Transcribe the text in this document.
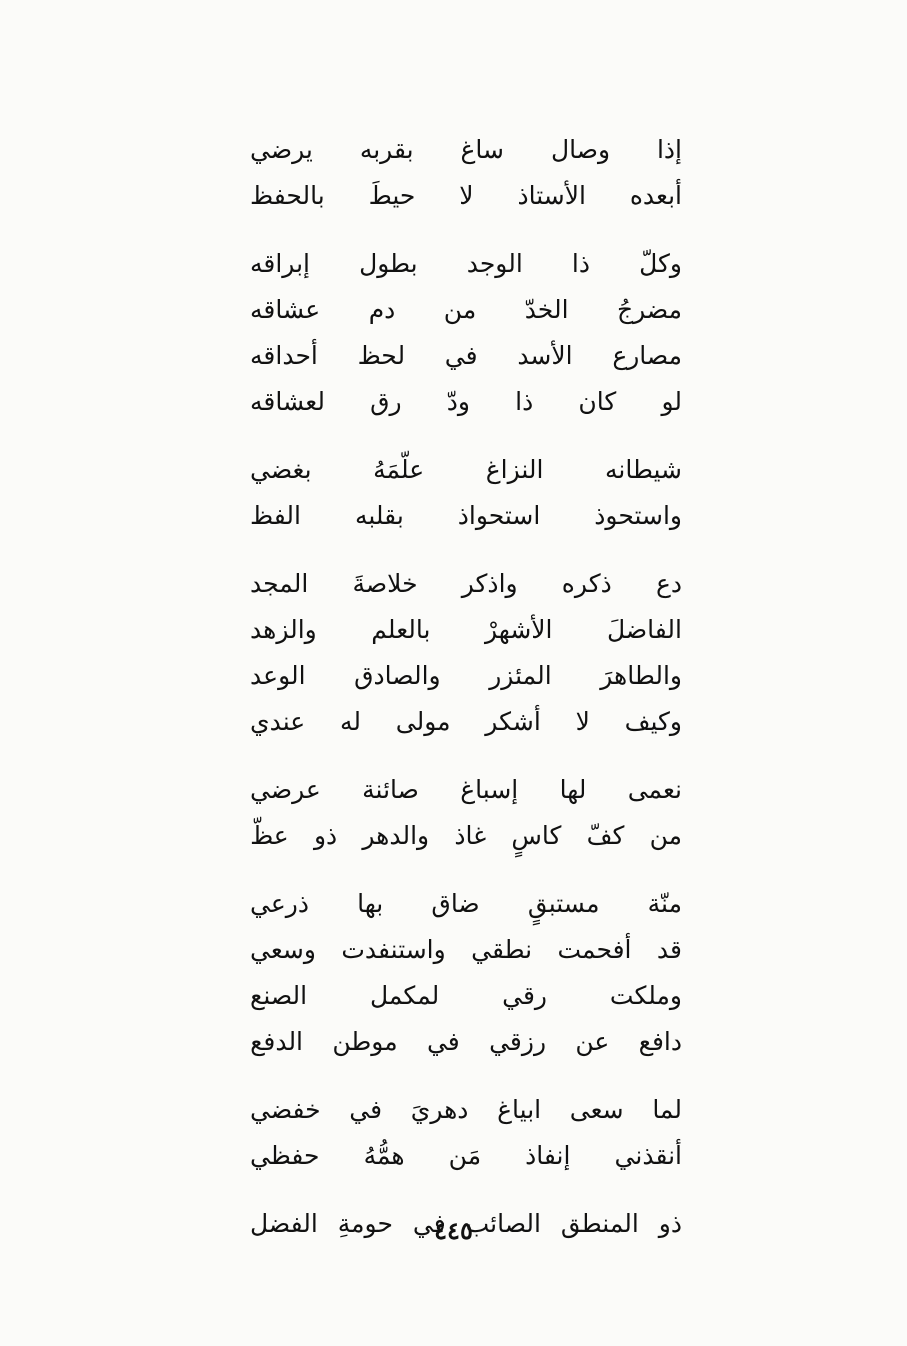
إذا
وصال
ساغ
بقربه
يرضي
أبعده
الأستاذ
لا
حيطَ
بالحفظ
وكلّ
ذا
الوجد
بطول
إبراقه
مضرجُ
الخدّ
من
دم
عشاقه
مصارع
الأسد
في
لحظ
أحداقه
لو
كان
ذا
ودّ
رق
لعشاقه
شيطانه
النزاغ
علّمَهُ
بغضي
واستحوذ
استحواذ
بقلبه
الفظ
دع
ذكره
واذكر
خلاصةَ
المجد
الفاضلَ
الأشهرْ
بالعلم
والزهد
والطاهرَ
المئزر
والصادق
الوعد
وكيف
لا
أشكر
مولى
له
عندي
نعمى
لها
إسباغ
صائنة
عرضي
من
كفّ
كاسٍ
غاذ
والدهر
ذو
عظّ
منّة
مستبقٍ
ضاق
بها
ذرعي
قد
أفحمت
نطقي
واستنفدت
وسعي
وملكت
رقي
لمكمل
الصنع
دافع
عن
رزقي
في
موطن
الدفع
لما
سعى
ابياغ
دهريَ
في
خفضي
أنقذني
إنفاذ
مَن
همُّهُ
حفظي
ذو
المنطق
الصائب
في
حومةِ
الفضل	٤٤٥
